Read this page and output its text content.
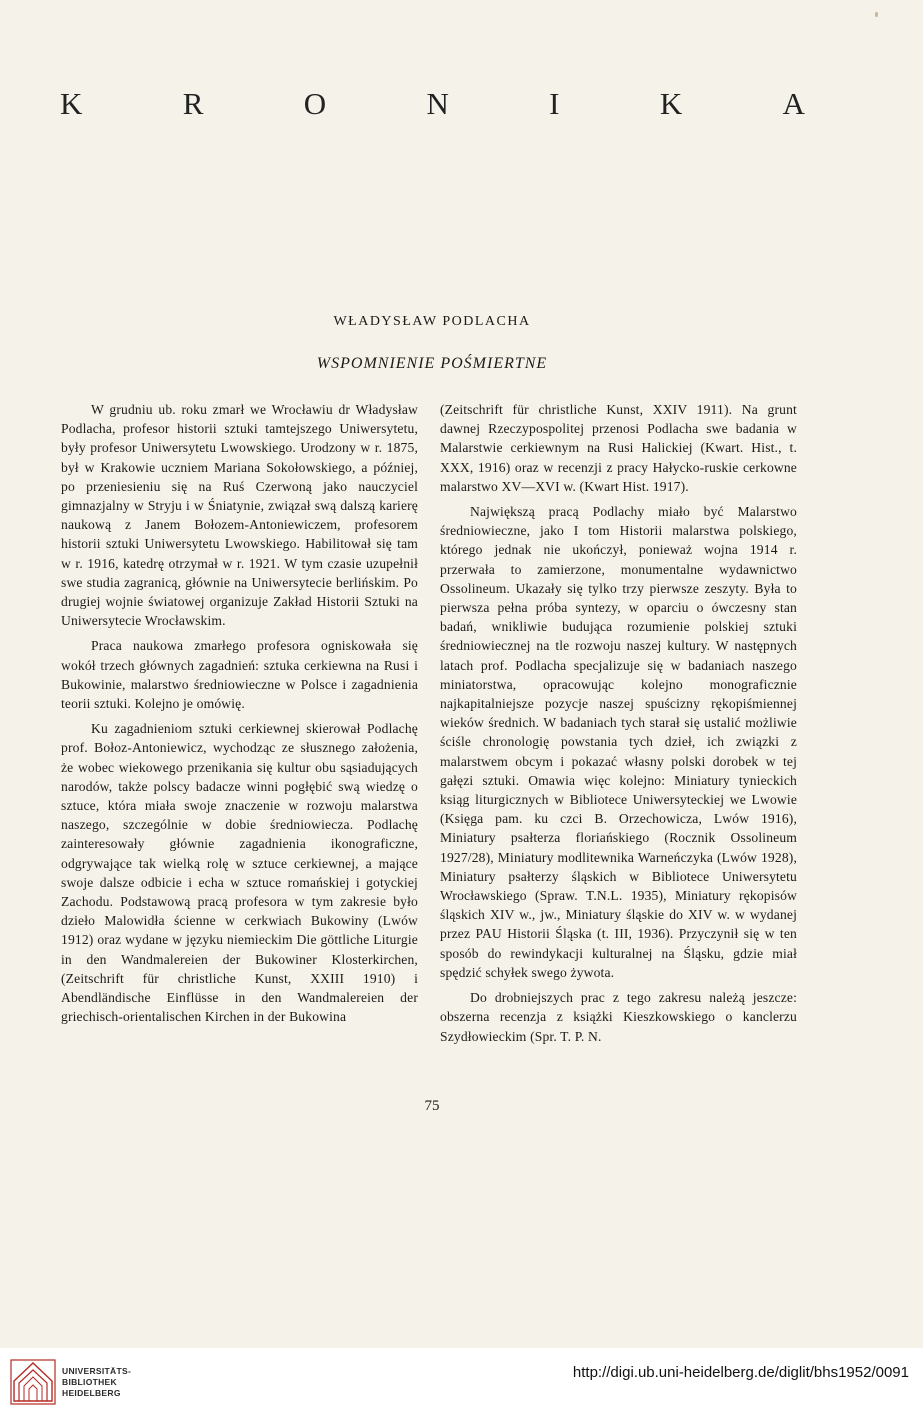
K	R	O	N	I	K	A
WŁADYSŁAW PODLACHA
WSPOMNIENIE POŚMIERTNE

W grudniu ub. roku zmarł we Wrocławiu dr Władysław Podlacha, profesor historii sztuki tamtejszego Uniwersytetu, były profesor Uniwersytetu Lwowskiego. Urodzony w r. 1875, był w Krakowie uczniem Mariana Sokołowskiego, a później, po przeniesieniu się na Ruś Czerwoną jako nauczyciel gimnazjalny w Stryju i w Śniatynie, związał swą dalszą karierę naukową z Janem Bołozem-Antoniewiczem, profesorem historii sztuki Uniwersytetu Lwowskiego. Habilitował się tam w r. 1916, katedrę otrzymał w r. 1921. W tym czasie uzupełnił swe studia zagranicą, głównie na Uniwersytecie berlińskim. Po drugiej wojnie światowej organizuje Zakład Historii Sztuki na Uniwersytecie Wrocławskim.

Praca naukowa zmarłego profesora ogniskowała się wokół trzech głównych zagadnień: sztuka cerkiewna na Rusi i Bukowinie, malarstwo średniowieczne w Polsce i zagadnienia teorii sztuki. Kolejno je omówię.

Ku zagadnieniom sztuki cerkiewnej skierował Podlachę prof. Bołoz-Antoniewicz, wychodząc ze słusznego założenia, że wobec wiekowego przenikania się kultur obu sąsiadujących narodów, także polscy badacze winni pogłębić swą wiedzę o sztuce, która miała swoje znaczenie w rozwoju malarstwa naszego, szczególnie w dobie średniowiecza. Podlachę zainteresowały głównie zagadnienia ikonograficzne, odgrywające tak wielką rolę w sztuce cerkiewnej, a mające swoje dalsze odbicie i echa w sztuce romańskiej i gotyckiej Zachodu. Podstawową pracą profesora w tym zakresie było dzieło Malowidła ścienne w cerkwiach Bukowiny (Lwów 1912) oraz wydane w języku niemieckim Die göttliche Liturgie in den Wandmalereien der Bukowiner Klosterkirchen, (Zeitschrift für christliche Kunst, XXIII 1910) i Abendländische Einflüsse in den Wandmalereien der griechisch-orientalischen Kirchen in der Bukowina

(Zeitschrift für christliche Kunst, XXIV 1911). Na grunt dawnej Rzeczypospolitej przenosi Podlacha swe badania w Malarstwie cerkiewnym na Rusi Halickiej (Kwart. Hist., t. XXX, 1916) oraz w recenzji z pracy Hałycko-ruskie cerkowne malarstwo XV—XVI w. (Kwart Hist. 1917).

Największą pracą Podlachy miało być Malarstwo średniowieczne, jako I tom Historii malarstwa polskiego, którego jednak nie ukończył, ponieważ wojna 1914 r. przerwała to zamierzone, monumentalne wydawnictwo Ossolineum. Ukazały się tylko trzy pierwsze zeszyty. Była to pierwsza pełna próba syntezy, w oparciu o ówczesny stan badań, wnikliwie budująca rozumienie polskiej sztuki średniowiecznej na tle rozwoju naszej kultury. W następnych latach prof. Podlacha specjalizuje się w badaniach naszego miniatorstwa, opracowując kolejno monograficznie najkapitalniejsze pozycje naszej spuścizny rękopiśmiennej wieków średnich. W badaniach tych starał się ustalić możliwie ściśle chronologię powstania tych dzieł, ich związki z malarstwem obcym i pokazać własny polski dorobek w tej gałęzi sztuki. Omawia więc kolejno: Miniatury tynieckich ksiąg liturgicznych w Bibliotece Uniwersyteckiej we Lwowie (Księga pam. ku czci B. Orzechowicza, Lwów 1916), Miniatury psałterza floriańskiego (Rocznik Ossolineum 1927/28), Miniatury modlitewnika Warneńczyka (Lwów 1928), Miniatury psałterzy śląskich w Bibliotece Uniwersytetu Wrocławskiego (Spraw. T.N.L. 1935), Miniatury rękopisów śląskich XIV w., jw., Miniatury śląskie do XIV w. w wydanej przez PAU Historii Śląska (t. III, 1936). Przyczynił się w ten sposób do rewindykacji kulturalnej na Śląsku, gdzie miał spędzić schyłek swego żywota.

Do drobniejszych prac z tego zakresu należą jeszcze: obszerna recenzja z książki Kieszkowskiego o kanclerzu Szydłowieckim (Spr. T. P. N.

75
UNIVERSITÄTS-
BIBLIOTHEK
HEIDELBERG
http://digi.ub.uni-heidelberg.de/diglit/bhs1952/0091
